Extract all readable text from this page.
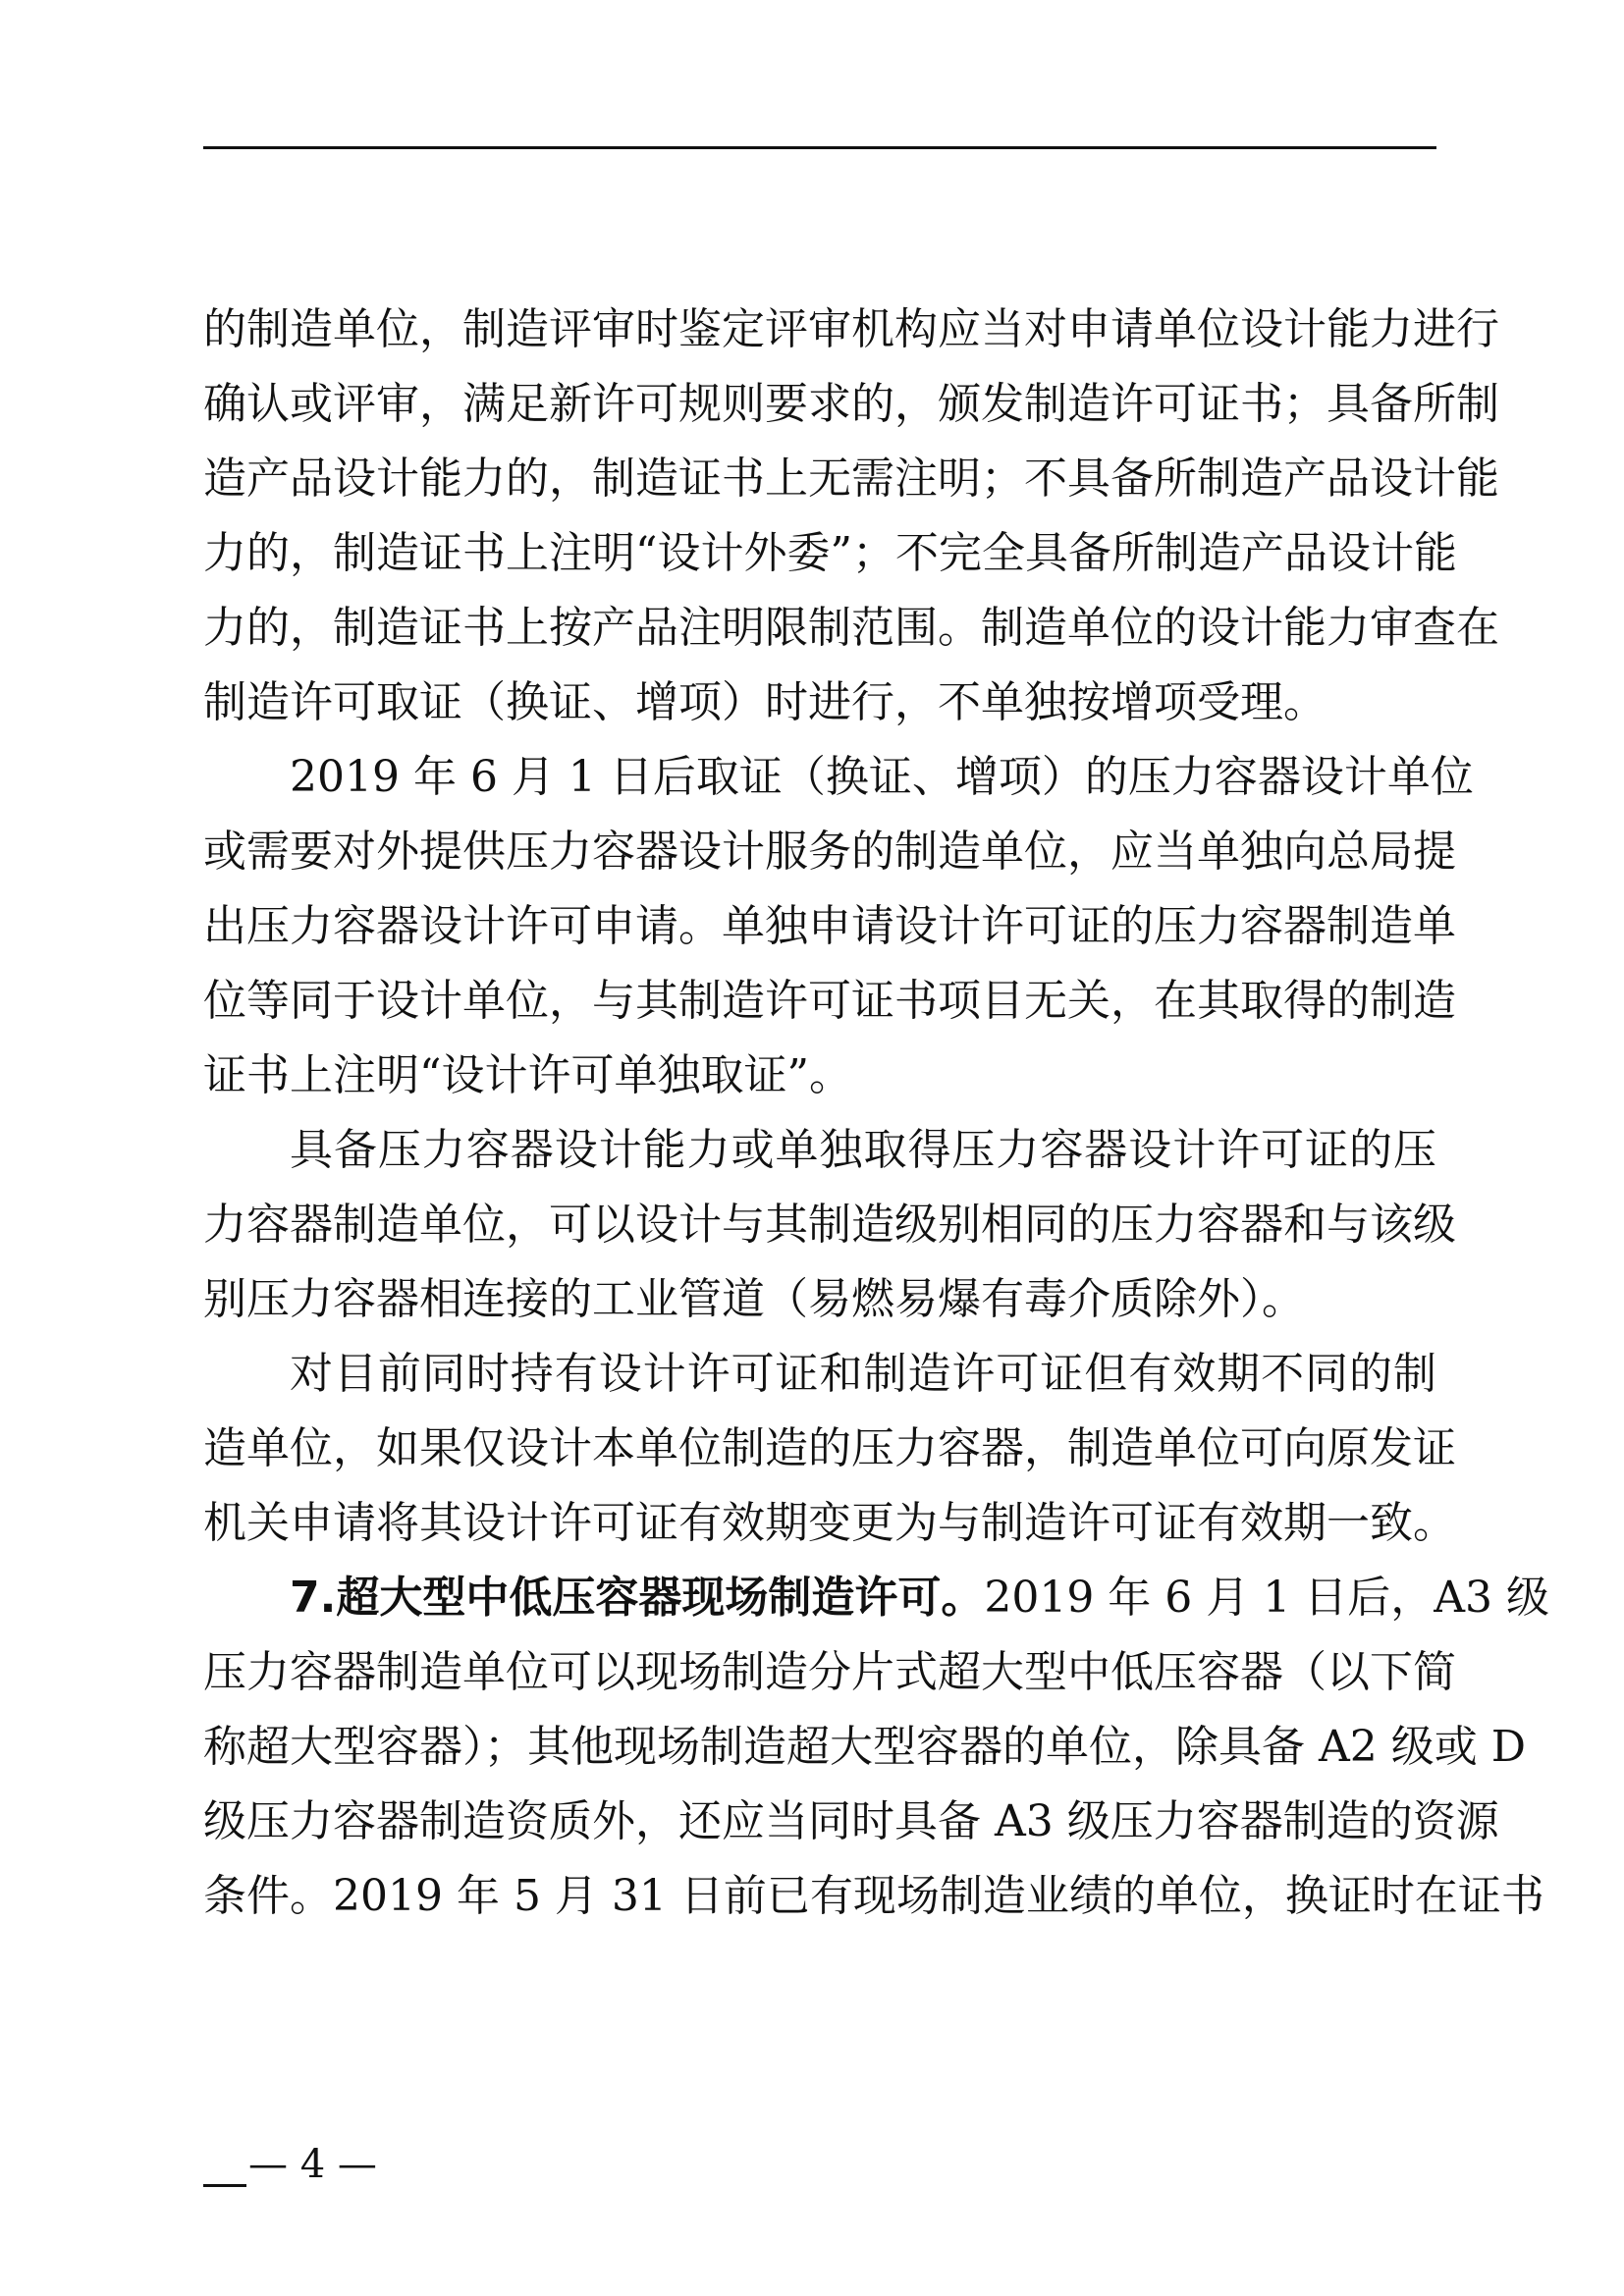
的制造单位，制造评审时鉴定评审机构应当对申请单位设计能力进行
确认或评审，满足新许可规则要求的，颁发制造许可证书；具备所制
造产品设计能力的，制造证书上无需注明；不具备所制造产品设计能
力的，制造证书上注明“设计外委”；不完全具备所制造产品设计能
力的，制造证书上按产品注明限制范围。制造单位的设计能力审查在
制造许可取证（换证、增项）时进行，不单独按增项受理。
2019 年 6 月 1 日后取证（换证、增项）的压力容器设计单位
或需要对外提供压力容器设计服务的制造单位，应当单独向总局提
出压力容器设计许可申请。单独申请设计许可证的压力容器制造单
位等同于设计单位，与其制造许可证书项目无关，在其取得的制造
证书上注明“设计许可单独取证”。
具备压力容器设计能力或单独取得压力容器设计许可证的压
力容器制造单位，可以设计与其制造级别相同的压力容器和与该级
别压力容器相连接的工业管道（易燃易爆有毒介质除外）。
对目前同时持有设计许可证和制造许可证但有效期不同的制
造单位，如果仅设计本单位制造的压力容器，制造单位可向原发证
机关申请将其设计许可证有效期变更为与制造许可证有效期一致。
7.超大型中低压容器现场制造许可。2019 年 6 月 1 日后，A3 级
压力容器制造单位可以现场制造分片式超大型中低压容器（以下简
称超大型容器）；其他现场制造超大型容器的单位，除具备 A2 级或 D
级压力容器制造资质外，还应当同时具备 A3 级压力容器制造的资源
条件。2019 年 5 月 31 日前已有现场制造业绩的单位，换证时在证书
— 4 —
